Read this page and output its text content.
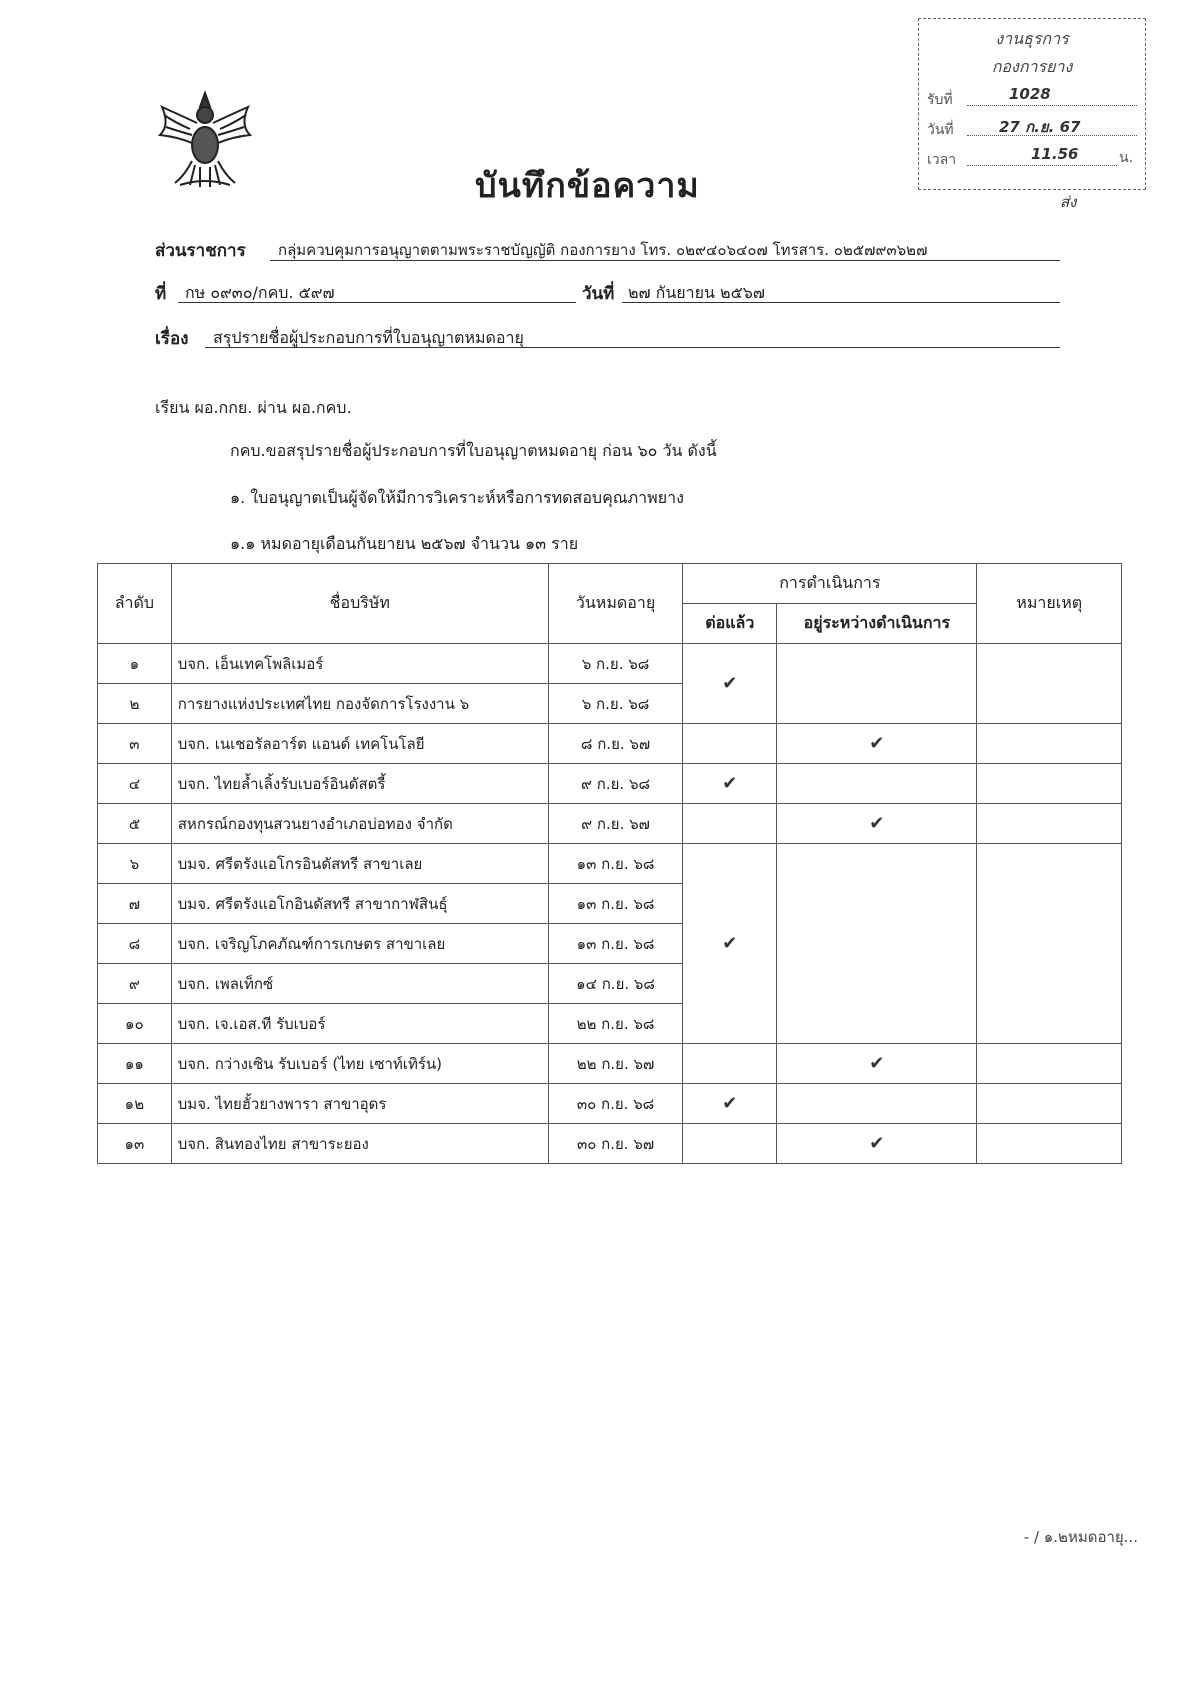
งานธุรการ
กองการยาง
รับที่	1028
วันที่	27 ก.ย. 67
เวลา	11.56	น.
ส่ง
บันทึกข้อความ
ส่วนราชการ กลุ่มควบคุมการอนุญาตตามพระราชบัญญัติ กองการยาง โทร. ๐๒๙๔๐๖๔๐๗ โทรสาร. ๐๒๕๗๙๓๖๒๗
ที่ กษ ๐๙๓๐/กคบ. ๕๙๗	วันที่ ๒๗ กันยายน ๒๕๖๗
เรื่อง สรุปรายชื่อผู้ประกอบการที่ใบอนุญาตหมดอายุ
เรียน ผอ.กกย. ผ่าน ผอ.กคบ.
กคบ.ขอสรุปรายชื่อผู้ประกอบการที่ใบอนุญาตหมดอายุ ก่อน ๖๐ วัน ดังนี้
๑. ใบอนุญาตเป็นผู้จัดให้มีการวิเคราะห์หรือการทดสอบคุณภาพยาง
๑.๑ หมดอายุเดือนกันยายน ๒๕๖๗ จำนวน ๑๓ ราย
ลำดับ	ชื่อบริษัท	วันหมดอายุ	การดำเนินการ		หมายเหตุ
			ต่อแล้ว	อยู่ระหว่างดำเนินการ	
๑	บจก. เอ็นเทคโพลิเมอร์	๖ ก.ย. ๖๘	✔		
๒	การยางแห่งประเทศไทย กองจัดการโรงงาน ๖	๖ ก.ย. ๖๘			
๓	บจก. เนเชอรัลอาร์ต แอนด์ เทคโนโลยี	๘ ก.ย. ๖๗		✔	
๔	บจก. ไทยล้ำเลิ้งรับเบอร์อินดัสตรี้	๙ ก.ย. ๖๘	✔		
๕	สหกรณ์กองทุนสวนยางอำเภอบ่อทอง จำกัด	๙ ก.ย. ๖๗		✔	
๖	บมจ. ศรีตรังแอโกรอินดัสทรี สาขาเลย	๑๓ ก.ย. ๖๘	✔		
๗	บมจ. ศรีตรังแอโกอินดัสทรี สาขากาฬสินธุ์	๑๓ ก.ย. ๖๘			
๘	บจก. เจริญโภคภัณฑ์การเกษตร สาขาเลย	๑๓ ก.ย. ๖๘			
๙	บจก. เพลเท็กซ์	๑๔ ก.ย. ๖๘			
๑๐	บจก. เจ.เอส.ที รับเบอร์	๒๒ ก.ย. ๖๘			
๑๑	บจก. กว่างเซิน รับเบอร์ (ไทย เซาท์เทิร์น)	๒๒ ก.ย. ๖๗		✔	
๑๒	บมจ. ไทยฮั้วยางพารา สาขาอุดร	๓๐ ก.ย. ๖๘	✔		
๑๓	บจก. สินทองไทย สาขาระยอง	๓๐ ก.ย. ๖๗		✔	
- / ๑.๒หมดอายุ...
